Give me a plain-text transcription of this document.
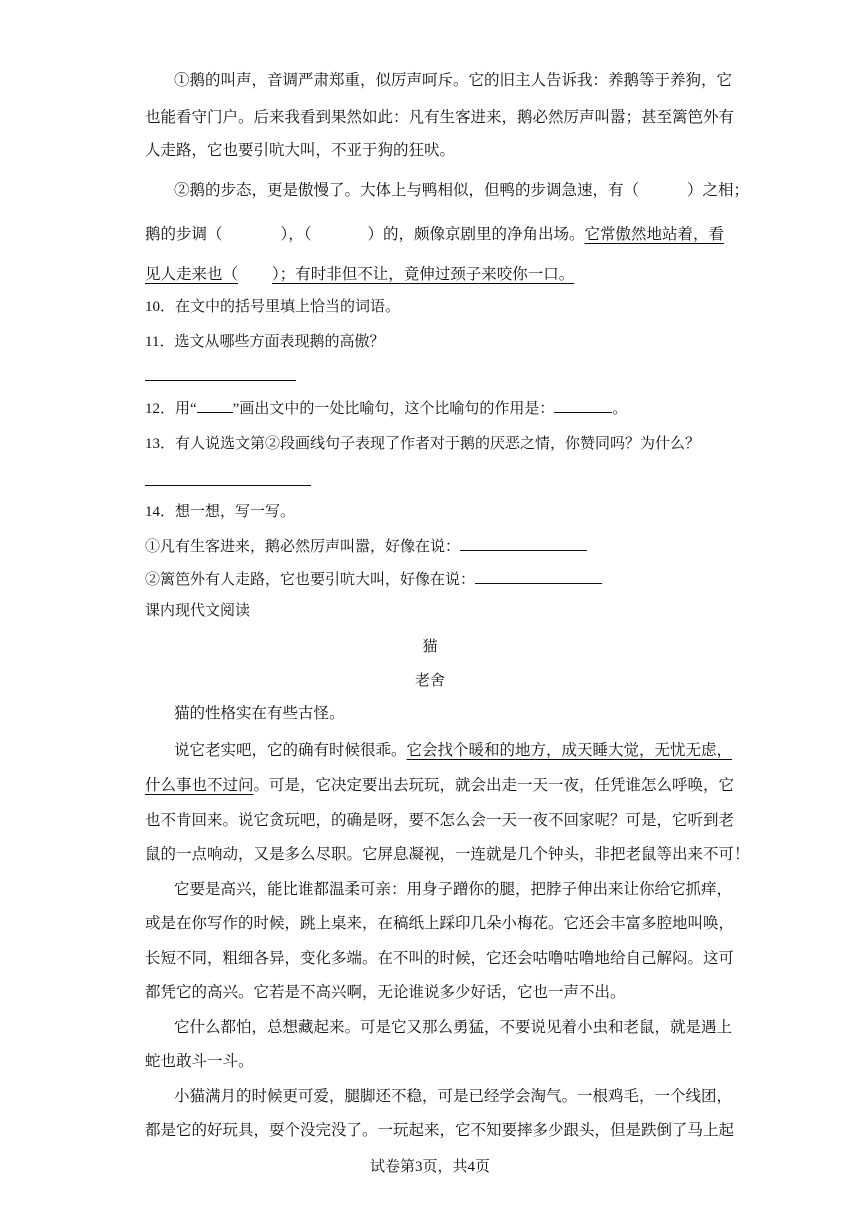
①鹅的叫声，音调严肃郑重，似厉声呵斥。它的旧主人告诉我：养鹅等于养狗，它

也能看守门户。后来我看到果然如此：凡有生客进来，鹅必然厉声叫嚣；甚至篱笆外有

人走路，它也要引吭大叫，不亚于狗的狂吠。

②鹅的步态，更是傲慢了。大体上与鸭相似，但鸭的步调急速，有（	）之相；

鹅的步调（	），（	）的，颇像京剧里的净角出场。它常傲然地站着，看

见人走来也（ ）；有时非但不让，竟伸过颈子来咬你一口。

10．在文中的括号里填上恰当的词语。

11．选文从哪些方面表现鹅的高傲？

12．用“ ”画出文中的一处比喻句，这个比喻句的作用是：	。

13．有人说选文第②段画线句子表现了作者对于鹅的厌恶之情，你赞同吗？为什么？

14．想一想，写一写。

①凡有生客进来，鹅必然厉声叫嚣，好像在说：

②篱笆外有人走路，它也要引吭大叫，好像在说：

课内现代文阅读

猫
老舍

猫的性格实在有些古怪。

说它老实吧，它的确有时候很乖。它会找个暖和的地方，成天睡大觉，无忧无虑，

什么事也不过问。可是，它决定要出去玩玩，就会出走一天一夜，任凭谁怎么呼唤，它

也不肯回来。说它贪玩吧，的确是呀，要不怎么会一天一夜不回家呢？可是，它听到老

鼠的一点响动，又是多么尽职。它屏息凝视，一连就是几个钟头，非把老鼠等出来不可！

它要是高兴，能比谁都温柔可亲：用身子蹭你的腿，把脖子伸出来让你给它抓痒，

或是在你写作的时候，跳上桌来，在稿纸上踩印几朵小梅花。它还会丰富多腔地叫唤，

长短不同，粗细各异，变化多端。在不叫的时候，它还会咕噜咕噜地给自己解闷。这可

都凭它的高兴。它若是不高兴啊，无论谁说多少好话，它也一声不出。

它什么都怕，总想藏起来。可是它又那么勇猛，不要说见着小虫和老鼠，就是遇上

蛇也敢斗一斗。

小猫满月的时候更可爱，腿脚还不稳，可是已经学会淘气。一根鸡毛，一个线团，

都是它的好玩具，耍个没完没了。一玩起来，它不知要摔多少跟头，但是跌倒了马上起

试卷第3页，共4页
